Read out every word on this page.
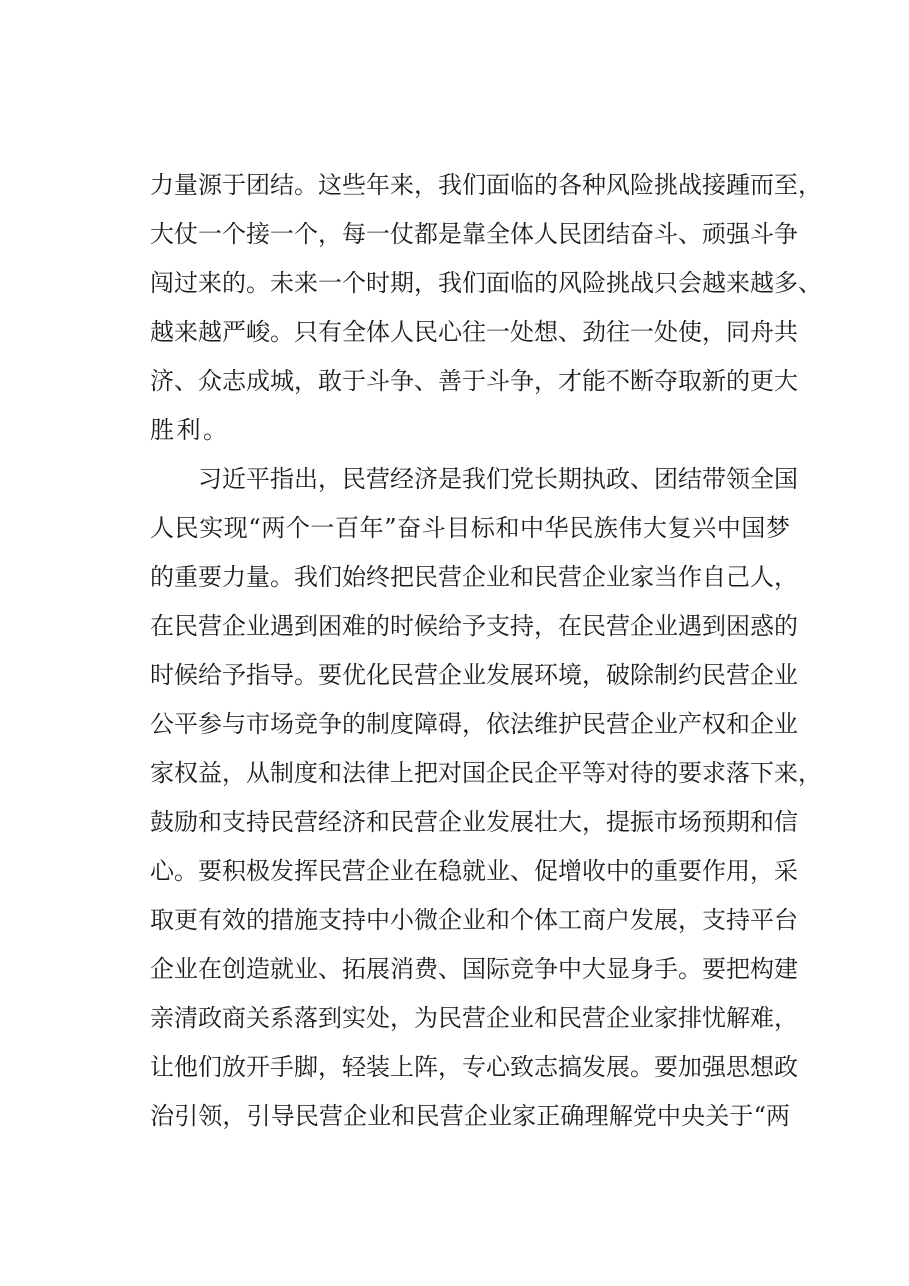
力量源于团结。这些年来，我们面临的各种风险挑战接踵而至，
大仗一个接一个，每一仗都是靠全体人民团结奋斗、顽强斗争
闯过来的。未来一个时期，我们面临的风险挑战只会越来越多、
越来越严峻。只有全体人民心往一处想、劲往一处使，同舟共
济、众志成城，敢于斗争、善于斗争，才能不断夺取新的更大
胜利。
习近平指出，民营经济是我们党长期执政、团结带领全国
人民实现“两个一百年”奋斗目标和中华民族伟大复兴中国梦
的重要力量。我们始终把民营企业和民营企业家当作自己人，
在民营企业遇到困难的时候给予支持，在民营企业遇到困惑的
时候给予指导。要优化民营企业发展环境，破除制约民营企业
公平参与市场竞争的制度障碍，依法维护民营企业产权和企业
家权益，从制度和法律上把对国企民企平等对待的要求落下来，
鼓励和支持民营经济和民营企业发展壮大，提振市场预期和信
心。要积极发挥民营企业在稳就业、促增收中的重要作用，采
取更有效的措施支持中小微企业和个体工商户发展，支持平台
企业在创造就业、拓展消费、国际竞争中大显身手。要把构建
亲清政商关系落到实处，为民营企业和民营企业家排忧解难，
让他们放开手脚，轻装上阵，专心致志搞发展。要加强思想政
治引领，引导民营企业和民营企业家正确理解党中央关于“两
